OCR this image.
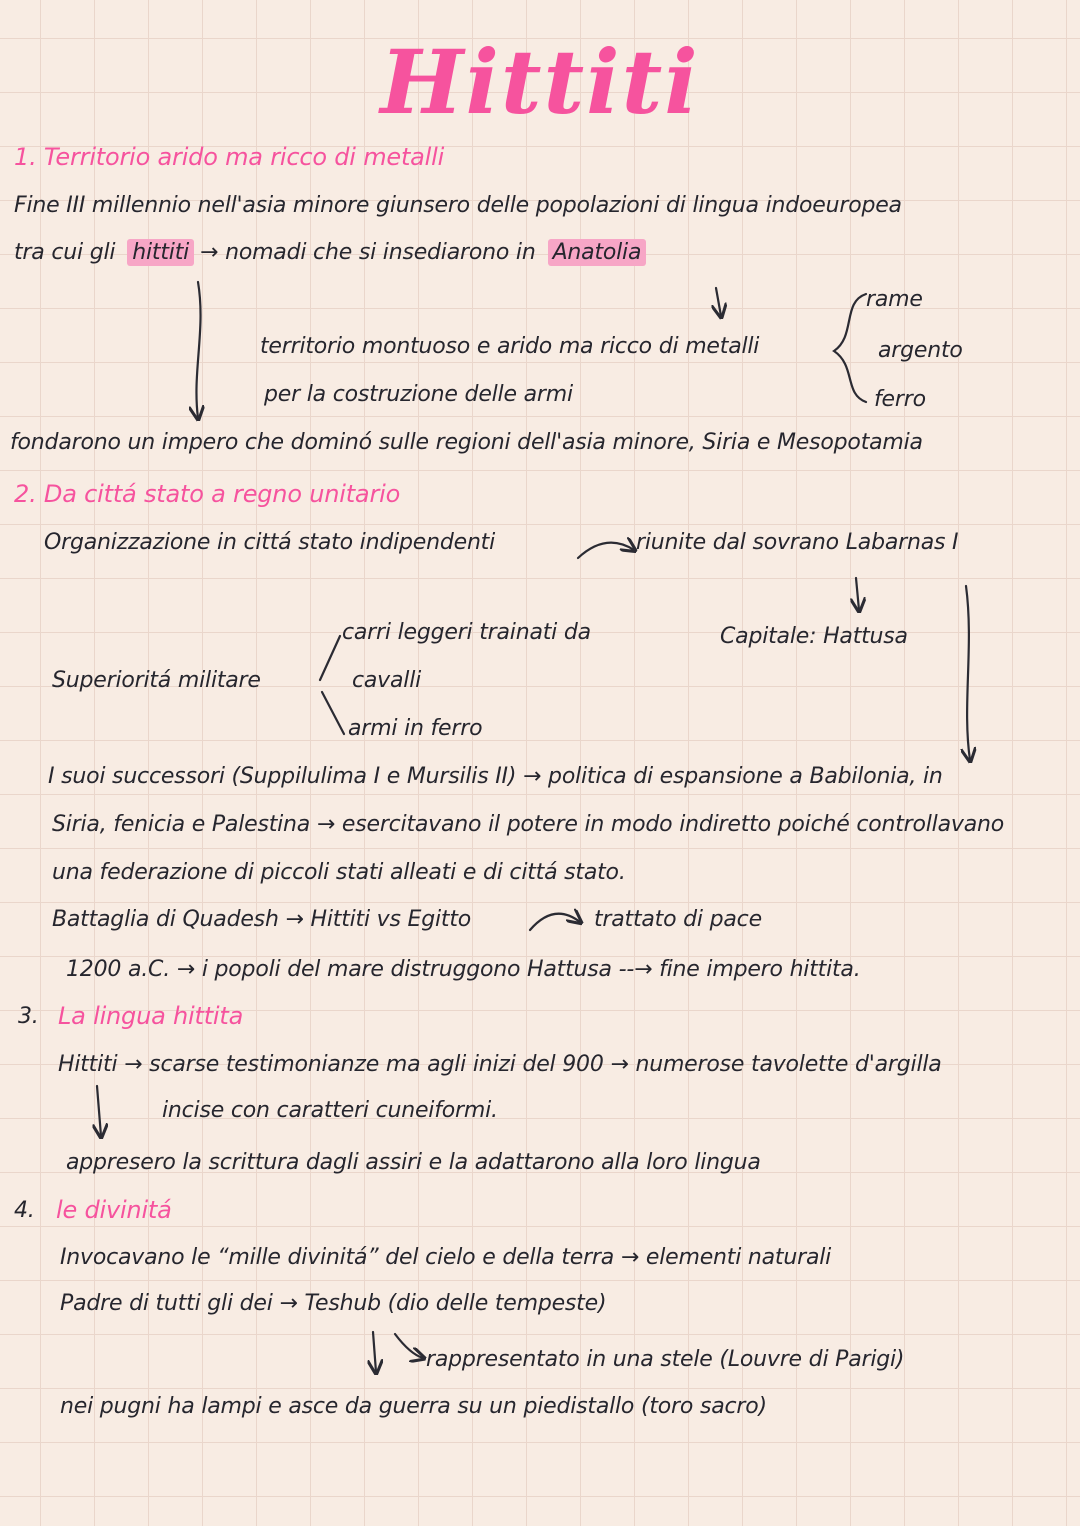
Hittiti
1. Territorio arido ma ricco di metalli
Fine III millennio nell'asia minore giunsero delle popolazioni di lingua indoeuropea
tra cui gli hittiti → nomadi che si insediarono in Anatolia
rame
territorio montuoso e arido ma ricco di metalli	argento
per la costruzione delle armi	ferro
fondarono un impero che dominó sulle regioni dell'asia minore, Siria e Mesopotamia
2. Da cittá stato a regno unitario
Organizzazione in cittá stato indipendenti	riunite dal sovrano Labarnas I
carri leggeri trainati da	Capitale: Hattusa
Superioritá militare	cavalli
armi in ferro
I suoi successori (Suppilulima I e Mursilis II) → politica di espansione a Babilonia, in
Siria, fenicia e Palestina → esercitavano il potere in modo indiretto poiché controllavano
una federazione di piccoli stati alleati e di cittá stato.
Battaglia di Quadesh → Hittiti vs Egitto	trattato di pace
1200 a.C. → i popoli del mare distruggono Hattusa --→ fine impero hittita.
3. La lingua hittita
Hittiti → scarse testimonianze ma agli inizi del 900 → numerose tavolette d'argilla
incise con caratteri cuneiformi.
appresero la scrittura dagli assiri e la adattarono alla loro lingua
4. le divinitá
Invocavano le “mille divinitá” del cielo e della terra → elementi naturali
Padre di tutti gli dei → Teshub (dio delle tempeste)
rappresentato in una stele (Louvre di Parigi)
nei pugni ha lampi e asce da guerra su un piedistallo (toro sacro)
